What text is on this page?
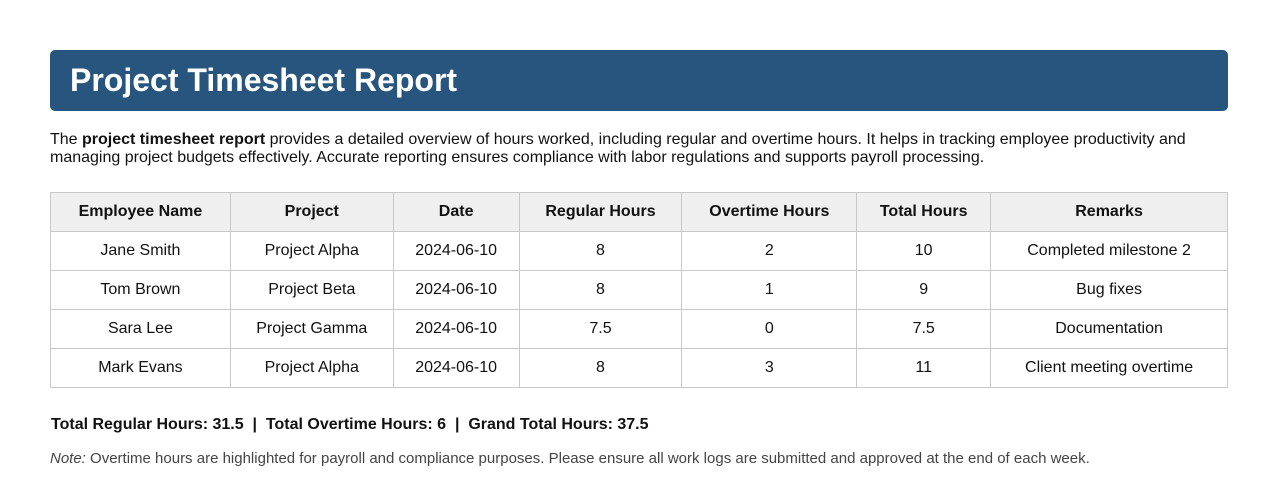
Project Timesheet Report

The project timesheet report provides a detailed overview of hours worked, including regular and overtime hours. It helps in tracking employee productivity and managing project budgets effectively. Accurate reporting ensures compliance with labor regulations and supports payroll processing.

Employee Name	Project	Date	Regular Hours	Overtime Hours	Total Hours	Remarks
Jane Smith	Project Alpha	2024-06-10	8	2	10	Completed milestone 2
Tom Brown	Project Beta	2024-06-10	8	1	9	Bug fixes
Sara Lee	Project Gamma	2024-06-10	7.5	0	7.5	Documentation
Mark Evans	Project Alpha	2024-06-10	8	3	11	Client meeting overtime

Total Regular Hours: 31.5  |  Total Overtime Hours: 6  |  Grand Total Hours: 37.5

Note: Overtime hours are highlighted for payroll and compliance purposes. Please ensure all work logs are submitted and approved at the end of each week.
